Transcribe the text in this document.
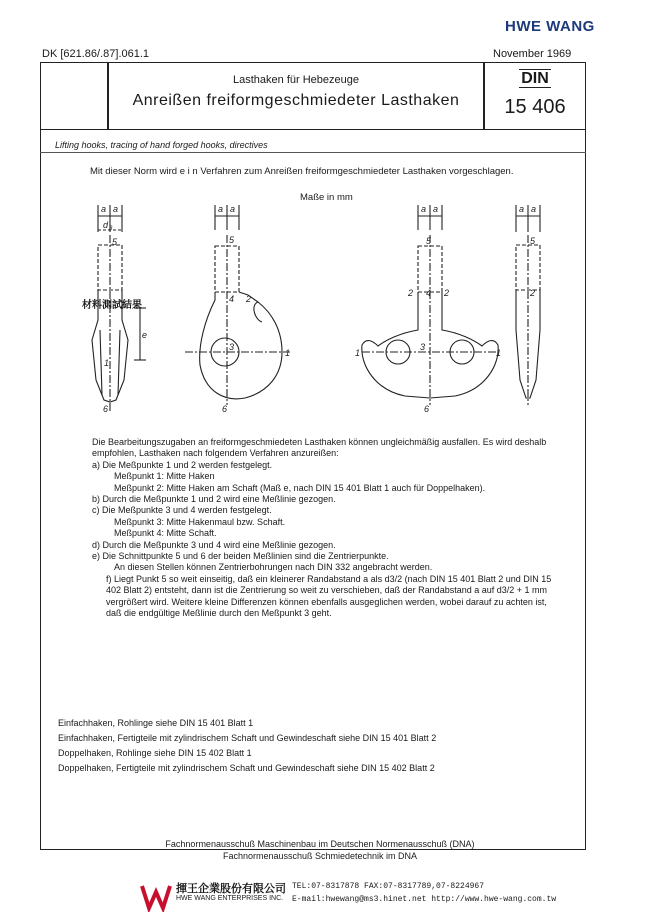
HWE WANG
DK [621.86/.87].061.1	November 1969
Lasthaken für Hebezeuge
Anreißen freiformgeschmiedeter Lasthaken
DIN
15 406
Lifting hooks, tracing of hand forged hooks, directives
Mit dieser Norm wird e i n Verfahren zum Anreißen freiformgeschmiedeter Lasthaken vorgeschlagen.
Maße in mm
a a
d 3
5
e
1
6
a a
5
4 2
3
1
6
a a
5
2 4 2
3
1	1
6
a a
5
2
材料測試結果

Die Bearbeitungszugaben an freiformgeschmiedeten Lasthaken können ungleichmäßig ausfallen. Es wird deshalb empfohlen, Lasthaken nach folgendem Verfahren anzureißen:

a) Die Meßpunkte 1 und 2 werden festgelegt.

Meßpunkt 1: Mitte Haken

Meßpunkt 2: Mitte Haken am Schaft (Maß e, nach DIN 15 401 Blatt 1 auch für Doppelhaken).

b) Durch die Meßpunkte 1 und 2 wird eine Meßlinie gezogen.

c) Die Meßpunkte 3 und 4 werden festgelegt.

Meßpunkt 3: Mitte Hakenmaul bzw. Schaft.

Meßpunkt 4: Mitte Schaft.

d) Durch die Meßpunkte 3 und 4 wird eine Meßlinie gezogen.

e) Die Schnittpunkte 5 und 6 der beiden Meßlinien sind die Zentrierpunkte.

An diesen Stellen können Zentrierbohrungen nach DIN 332 angebracht werden.

f) Liegt Punkt 5 so weit einseitig, daß ein kleinerer Randabstand a als d3/2 (nach DIN 15 401 Blatt 2 und DIN 15 402 Blatt 2) entsteht, dann ist die Zentrierung so weit zu verschieben, daß der Randabstand a auf d3/2 + 1 mm vergrößert wird. Weitere kleine Differenzen können ebenfalls ausgeglichen werden, wobei darauf zu achten ist, daß die endgültige Meßlinie durch den Meßpunkt 3 geht.

Einfachhaken, Rohlinge siehe DIN 15 401 Blatt 1
Einfachhaken, Fertigteile mit zylindrischem Schaft und Gewindeschaft siehe DIN 15 401 Blatt 2
Doppelhaken, Rohlinge siehe DIN 15 402 Blatt 1
Doppelhaken, Fertigteile mit zylindrischem Schaft und Gewindeschaft siehe DIN 15 402 Blatt 2
Fachnormenausschuß Maschinenbau im Deutschen Normenausschuß (DNA)
Fachnormenausschuß Schmiedetechnik im DNA
揮王企業股份有限公司
HWE WANG ENTERPRISES INC.
TEL:07-8317878 FAX:07-8317789,07-8224967
E-mail:hwewang@ms3.hinet.net http://www.hwe-wang.com.tw
